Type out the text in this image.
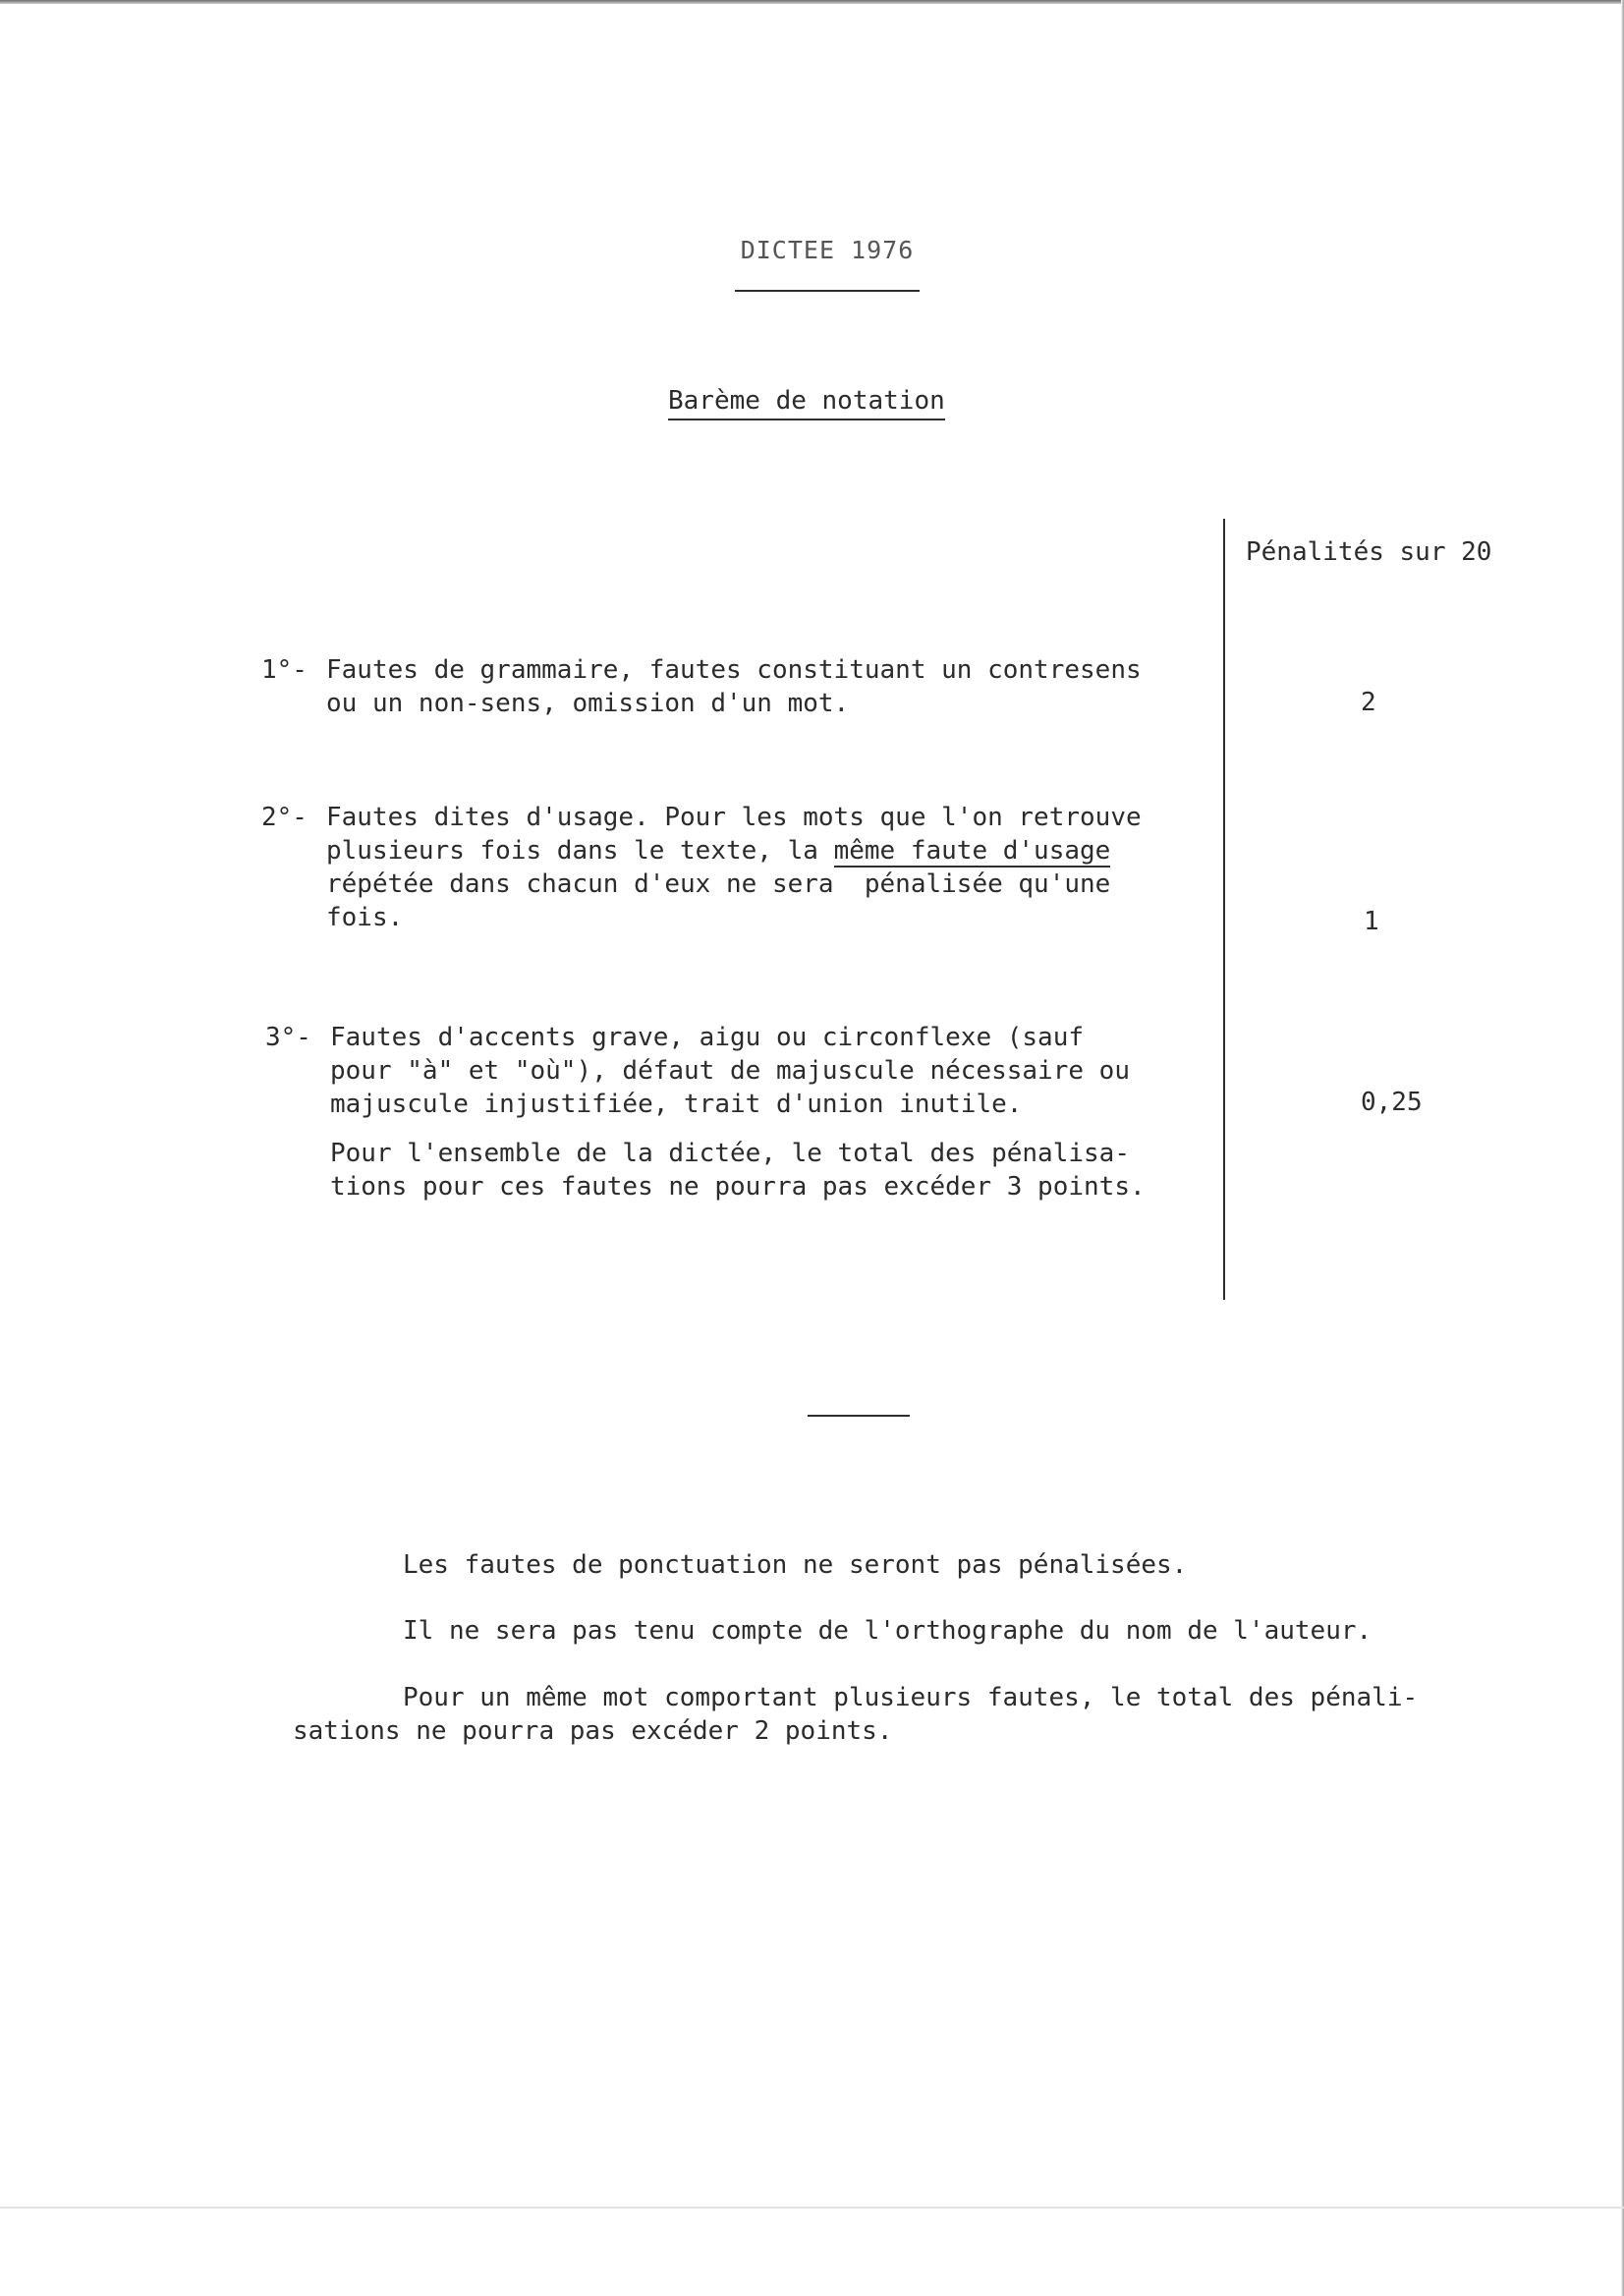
DICTEE 1976
Barème de notation
Pénalités sur 20

1°-

Fautes de grammaire, fautes constituant un contresens
ou un non-sens, omission d'un mot.	2

2°-

Fautes dites d'usage. Pour les mots que l'on retrouve
plusieurs fois dans le texte, la même faute d'usage
répétée dans chacun d'eux ne sera  pénalisée qu'une
fois.	1

3°-

Fautes d'accents grave, aigu ou circonflexe (sauf
pour "à" et "où"), défaut de majuscule nécessaire ou
majuscule injustifiée, trait d'union inutile.

Pour l'ensemble de la dictée, le total des pénalisa-
tions pour ces fautes ne pourra pas excéder 3 points.
0,25
Les fautes de ponctuation ne seront pas pénalisées.
Il ne sera pas tenu compte de l'orthographe du nom de l'auteur.
Pour un même mot comportant plusieurs fautes, le total des pénali-
sations ne pourra pas excéder 2 points.
